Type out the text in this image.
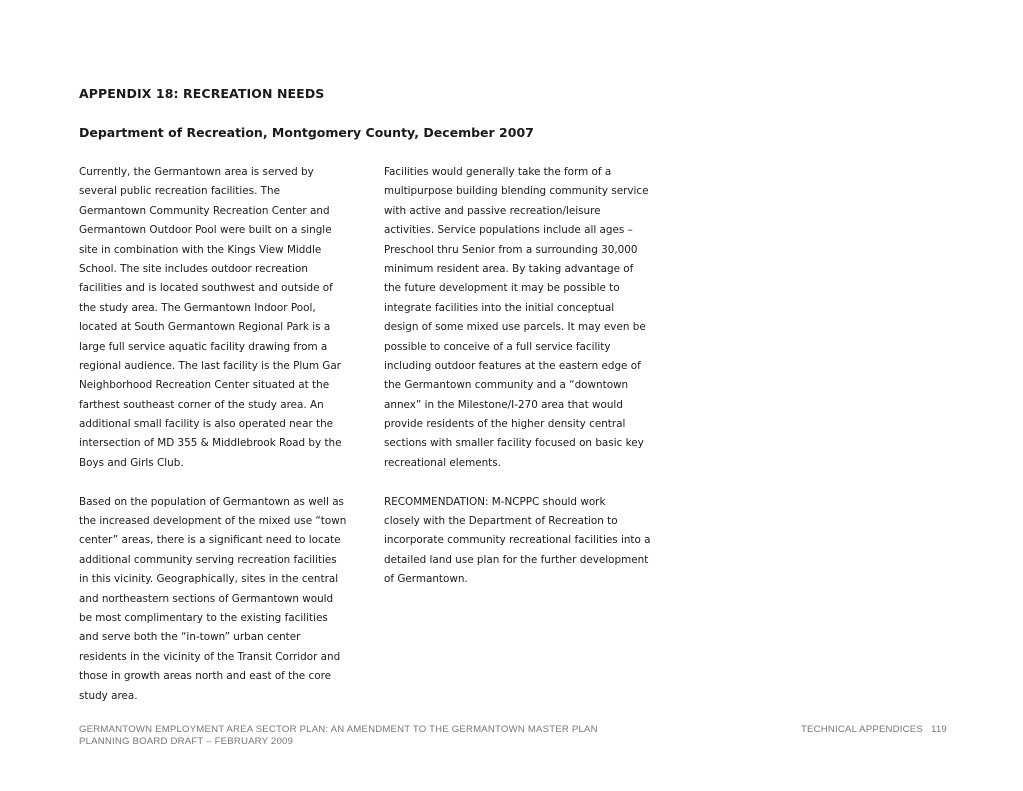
APPENDIX 18: RECREATION NEEDS
Department of Recreation, Montgomery County, December 2007
Currently, the Germantown area is served by
several public recreation facilities. The
Germantown Community Recreation Center and
Germantown Outdoor Pool were built on a single
site in combination with the Kings View Middle
School. The site includes outdoor recreation
facilities and is located southwest and outside of
the study area. The Germantown Indoor Pool,
located at South Germantown Regional Park is a
large full service aquatic facility drawing from a
regional audience. The last facility is the Plum Gar
Neighborhood Recreation Center situated at the
farthest southeast corner of the study area. An
additional small facility is also operated near the
intersection of MD 355 & Middlebrook Road by the
Boys and Girls Club.
Based on the population of Germantown as well as
the increased development of the mixed use “town
center” areas, there is a significant need to locate
additional community serving recreation facilities
in this vicinity. Geographically, sites in the central
and northeastern sections of Germantown would
be most complimentary to the existing facilities
and serve both the “in-town” urban center
residents in the vicinity of the Transit Corridor and
those in growth areas north and east of the core
study area.
Facilities would generally take the form of a
multipurpose building blending community service
with active and passive recreation/leisure
activities. Service populations include all ages –
Preschool thru Senior from a surrounding 30,000
minimum resident area. By taking advantage of
the future development it may be possible to
integrate facilities into the initial conceptual
design of some mixed use parcels. It may even be
possible to conceive of a full service facility
including outdoor features at the eastern edge of
the Germantown community and a “downtown
annex” in the Milestone/I-270 area that would
provide residents of the higher density central
sections with smaller facility focused on basic key
recreational elements.
RECOMMENDATION: M-NCPPC should work
closely with the Department of Recreation to
incorporate community recreational facilities into a
detailed land use plan for the further development
of Germantown.
GERMANTOWN EMPLOYMENT AREA SECTOR PLAN: AN AMENDMENT TO THE GERMANTOWN MASTER PLAN
PLANNING BOARD DRAFT – FEBRUARY 2009
TECHNICAL APPENDICES 119
